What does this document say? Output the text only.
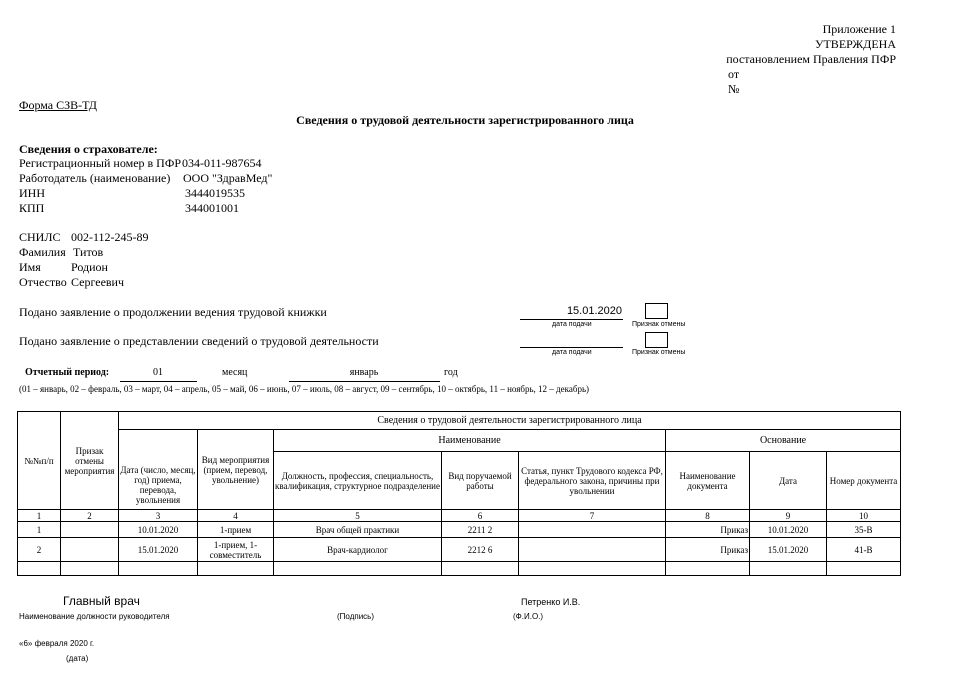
Приложение 1
УТВЕРЖДЕНА
постановлением Правления ПФР
от
№
Форма СЗВ-ТД
Сведения о трудовой деятельности зарегистрированного лица
Сведения о страхователе:
Регистрационный номер в ПФР 034-011-987654
Работодатель (наименование) ООО "ЗдравМед"
ИНН	3444019535
КПП	344001001
СНИЛС 002-112-245-89
Фамилия Титов
Имя	Родион
Отчество Сергеевич
Подано заявление о продолжении ведения трудовой книжки	15.01.2020
дата подачи	Признак отмены
Подано заявление о представлении сведений о трудовой деятельности
дата подачи	Признак отмены
Отчетный период:	01	месяц	январь	год
(01 – январь, 02 – февраль, 03 – март, 04 – апрель, 05 – май, 06 – июнь, 07 – июль, 08 – август, 09 – сентябрь, 10 – октябрь, 11 – ноябрь, 12 – декабрь)
№№п/п	Призак отмены мероприятия	Сведения о трудовой деятельности зарегистрированного лица							
		Дата (число, месяц, год) приема, перевода, увольнения	Вид мероприятия (прием, перевод, увольнение)	Наименование			Основание		
				Должность, профессия, специальность, квалификация, структурное подразделение	Вид поручаемой работы	Статья, пункт Трудового кодекса РФ, федерального закона, причины при увольнении	Наименование документа	Дата	Номер документа
1	2	3	4	5	6	7	8	9	10
1		10.01.2020	1-прием	Врач общей практики	2211 2		Приказ	10.01.2020	35-В
2		15.01.2020	1-прием, 1-совместитель	Врач-кардиолог	2212 6		Приказ	15.01.2020	41-В

Главный врач
Наименование должности руководителя	(Подпись)
Петренко И.В.
(Ф.И.О.)
«6» февраля 2020 г.
(дата)
